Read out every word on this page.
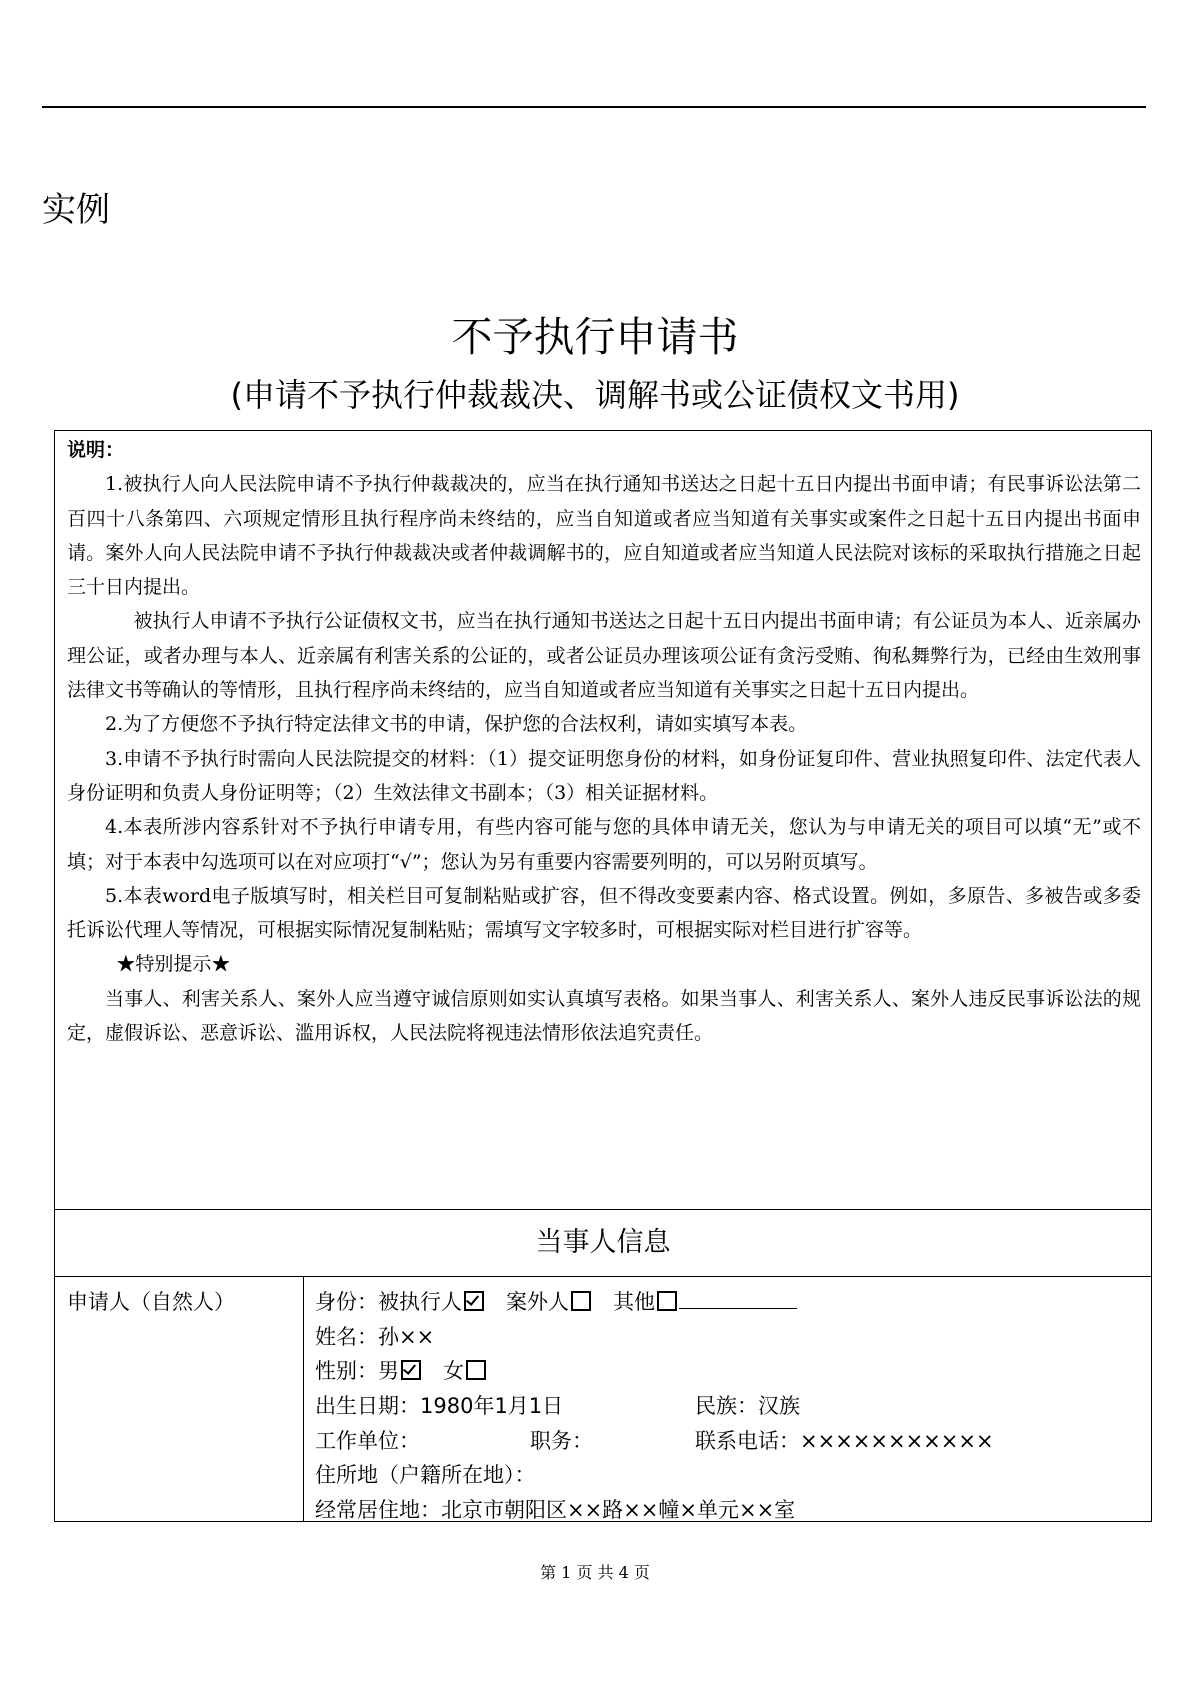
实例
不予执行申请书
(申请不予执行仲裁裁决、调解书或公证债权文书用)
说明：

1.被执行人向人民法院申请不予执行仲裁裁决的，应当在执行通知书送达之日起十五日内提出书面申请；有民事诉讼法第二百四十八条第四、六项规定情形且执行程序尚未终结的，应当自知道或者应当知道有关事实或案件之日起十五日内提出书面申请。案外人向人民法院申请不予执行仲裁裁决或者仲裁调解书的，应自知道或者应当知道人民法院对该标的采取执行措施之日起三十日内提出。

被执行人申请不予执行公证债权文书，应当在执行通知书送达之日起十五日内提出书面申请；有公证员为本人、近亲属办理公证，或者办理与本人、近亲属有利害关系的公证的，或者公证员办理该项公证有贪污受贿、徇私舞弊行为，已经由生效刑事法律文书等确认的等情形，且执行程序尚未终结的，应当自知道或者应当知道有关事实之日起十五日内提出。

2.为了方便您不予执行特定法律文书的申请，保护您的合法权利，请如实填写本表。

3.申请不予执行时需向人民法院提交的材料：（1）提交证明您身份的材料，如身份证复印件、营业执照复印件、法定代表人身份证明和负责人身份证明等；（2）生效法律文书副本；（3）相关证据材料。

4.本表所涉内容系针对不予执行申请专用，有些内容可能与您的具体申请无关，您认为与申请无关的项目可以填“无”或不填；对于本表中勾选项可以在对应项打“√”；您认为另有重要内容需要列明的，可以另附页填写。

5.本表word电子版填写时，相关栏目可复制粘贴或扩容，但不得改变要素内容、格式设置。例如，多原告、多被告或多委托诉讼代理人等情况，可根据实际情况复制粘贴；需填写文字较多时，可根据实际对栏目进行扩容等。

★特别提示★

当事人、利害关系人、案外人应当遵守诚信原则如实认真填写表格。如果当事人、利害关系人、案外人违反民事诉讼法的规定，虚假诉讼、恶意诉讼、滥用诉权，人民法院将视违法情形依法追究责任。

当事人信息
申请人（自然人）	身份：被执行人 案外人 其他
姓名：孙××
性别：男 女
出生日期：1980年1月1日	民族：汉族
工作单位：	职务：	联系电话：×××××××××××
住所地（户籍所在地）：
经常居住地：北京市朝阳区××路××幢×单元××室
第 1 页 共 4 页
